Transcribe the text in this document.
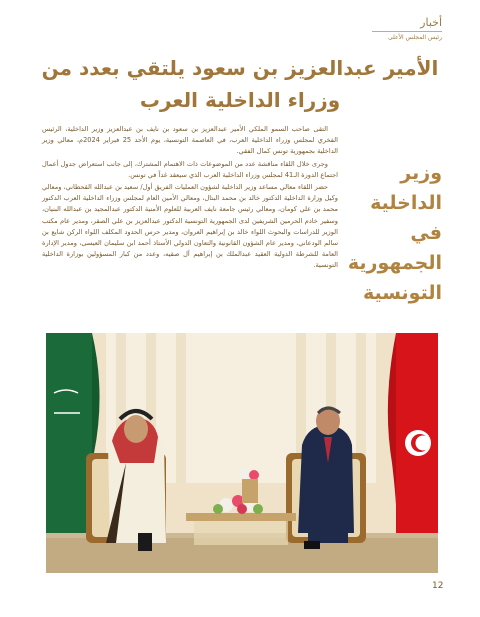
أخبار
رئيس المجلس الأعلى
الأمير عبدالعزيز بن سعود يلتقي بعدد من وزراء الداخلية العرب
وزير الداخلية في الجمهورية التونسية

التقى صاحب السمو الملكي الأمير عبدالعزيز بن سعود بن نايف بن عبدالعزيز وزير الداخلية، الرئيس الفخري لمجلس وزراء الداخلية العرب، في العاصمة التونسية، يوم الأحد 25 فبراير 2024م، معالي وزير الداخلية بجمهورية تونس كمال الفقي.

وجرى خلال اللقاء مناقشة عدد من الموضوعات ذات الاهتمام المشترك، إلى جانب استعراض جدول أعمال اجتماع الدورة الـ41 لمجلس وزراء الداخلية العرب الذي سيعقد غداً في تونس.

حضر اللقاء معالي مساعد وزير الداخلية لشؤون العمليات الفريق أول/ سعيد بن عبدالله القحطاني، ومعالي وكيل وزارة الداخلية الدكتور خالد بن محمد البتال، ومعالي الأمين العام لمجلس وزراء الداخلية العرب الدكتور محمد بن علي كومان، ومعالي رئيس جامعة نايف العربية للعلوم الأمنية الدكتور عبدالمجيد بن عبدالله البنيان، وسفير خادم الحرمين الشريفين لدى الجمهورية التونسية الدكتور عبدالعزيز بن علي الصقر، ومدير عام مكتب الوزير للدراسات والبحوث اللواء خالد بن إبراهيم العروان، ومدير حرس الحدود المكلف اللواء الركن شايع بن سالم الودعاني، ومدير عام الشؤون القانونية والتعاون الدولي الأستاذ أحمد ابن سليمان العيسى، ومدير الإدارة العامة للشرطة الدولية العقيد عبدالملك بن إبراهيم آل صقيه، وعدد من كبار المسؤولين بوزارة الداخلية التونسية.

12
